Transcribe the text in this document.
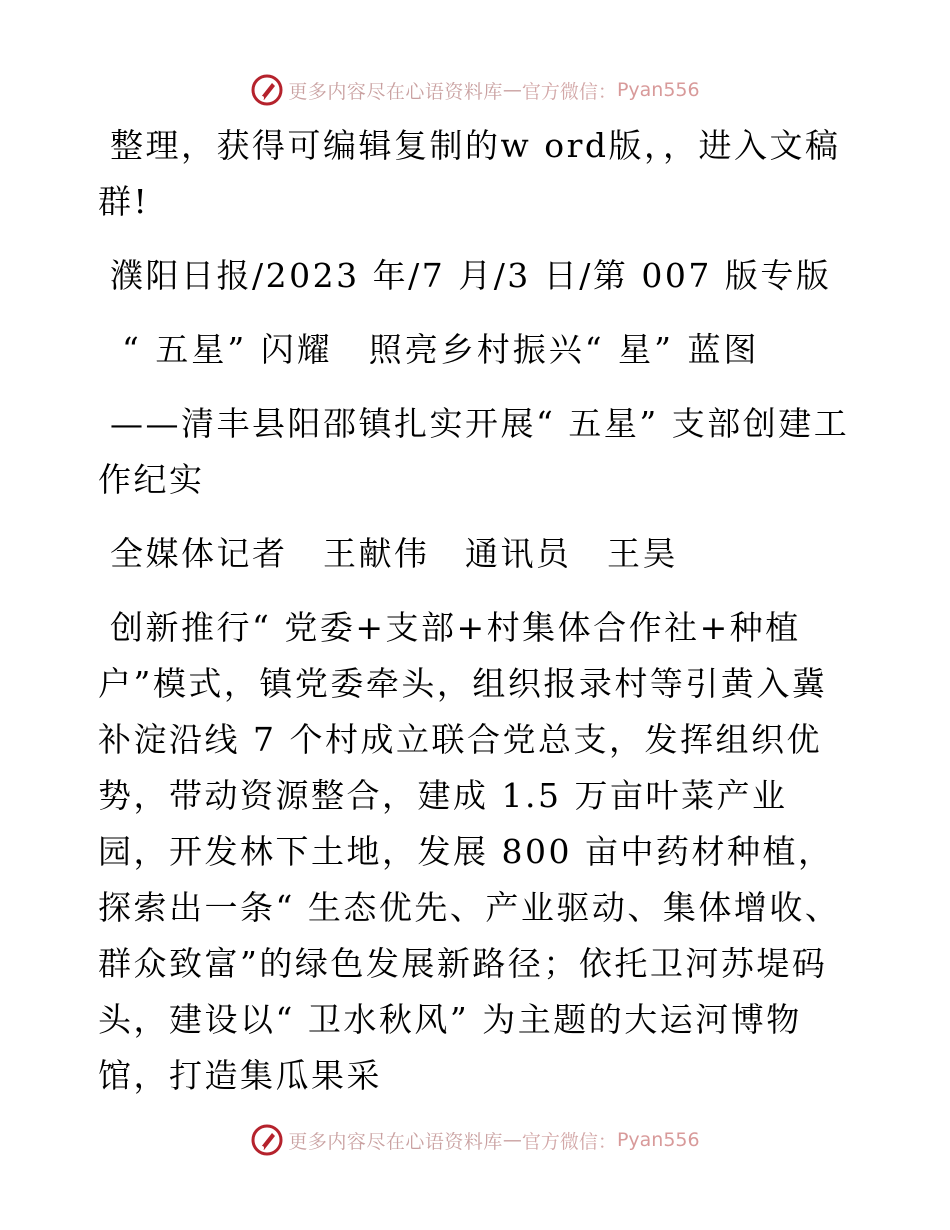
更多内容尽在心语资料库 — 官方微信： Pyan556

整理，获得可编辑复制的w ord版，，进入文稿群!

濮阳日报/2023 年/7 月/3 日/第 007 版专版

“ 五星” 闪耀　照亮乡村振兴“ 星” 蓝图

——清丰县阳邵镇扎实开展“ 五星” 支部创建工作纪实

全媒体记者　王献伟　通讯员　王昊

创新推行“ 党委+支部+村集体合作社+种植户”模式，镇党委牵头，组织报录村等引黄入冀补淀沿线 7 个村成立联合党总支，发挥组织优势，带动资源整合，建成 1.5 万亩叶菜产业园，开发林下土地，发展 800 亩中药材种植，探索出一条“ 生态优先、产业驱动、集体增收、群众致富”的绿色发展新路径；依托卫河苏堤码头，建设以“ 卫水秋风” 为主题的大运河博物馆，打造集瓜果采

更多内容尽在心语资料库 — 官方微信： Pyan556
